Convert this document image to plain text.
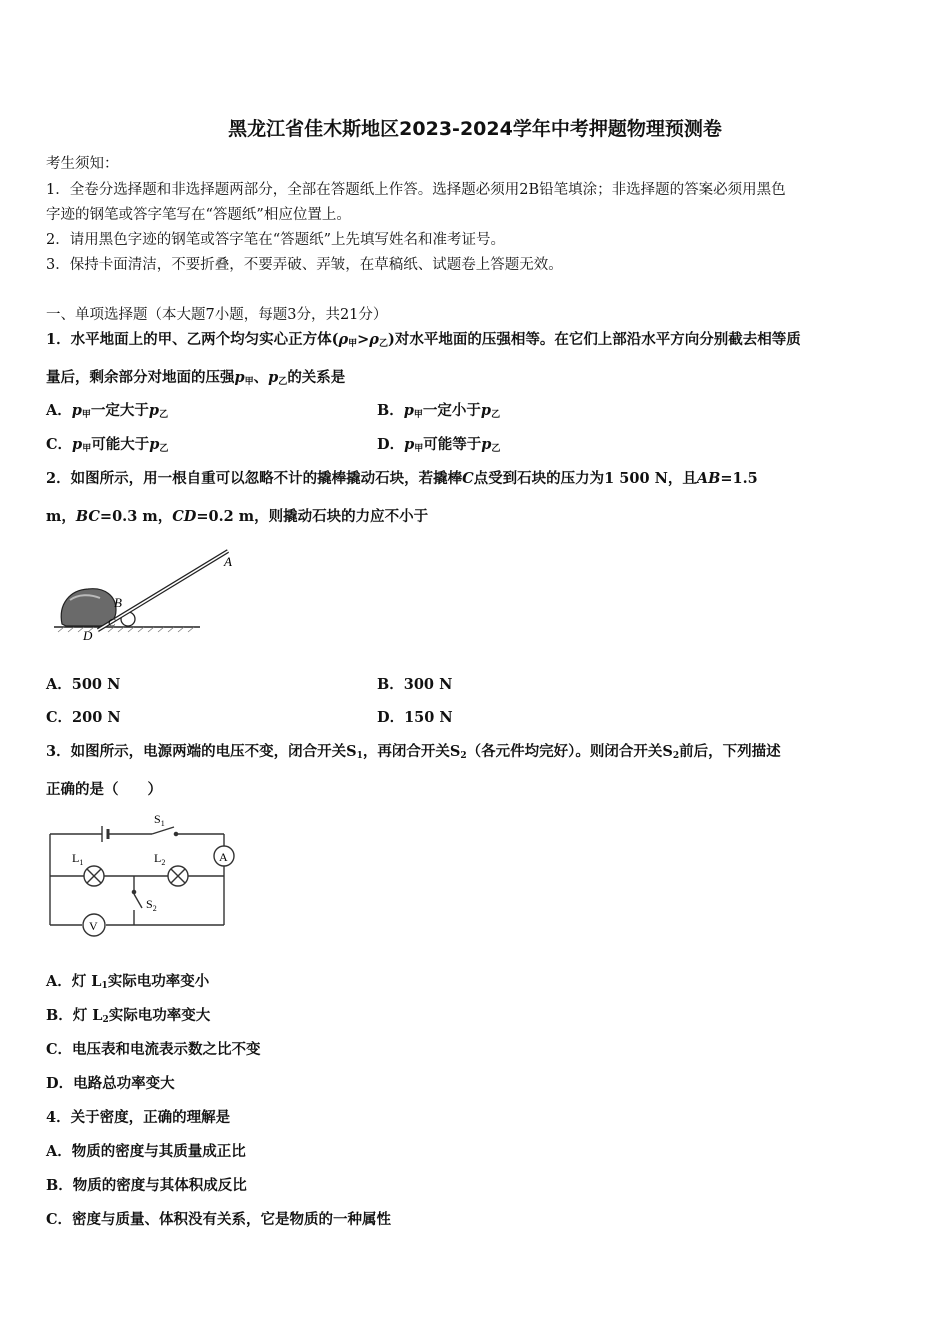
黑龙江省佳木斯地区2023-2024学年中考押题物理预测卷
考生须知：
1．全卷分选择题和非选择题两部分，全部在答题纸上作答。选择题必须用2B铅笔填涂；非选择题的答案必须用黑色
字迹的钢笔或答字笔写在“答题纸”相应位置上。
2．请用黑色字迹的钢笔或答字笔在“答题纸”上先填写姓名和准考证号。
3．保持卡面清洁，不要折叠，不要弄破、弄皱，在草稿纸、试题卷上答题无效。
一、单项选择题（本大题7小题，每题3分，共21分）
1．水平地面上的甲、乙两个均匀实心正方体(ρ甲>ρ乙)对水平地面的压强相等。在它们上部沿水平方向分别截去相等质
量后，剩余部分对地面的压强p甲、p乙的关系是
A．p甲一定大于p乙	B．p甲一定小于p乙
C．p甲可能大于p乙	D．p甲可能等于p乙
2．如图所示，用一根自重可以忽略不计的撬棒撬动石块，若撬棒C点受到石块的压力为1 500 N，且AB=1.5
m，BC=0.3 m，CD=0.2 m，则撬动石块的力应不小于
A
B
C
D
A．500 N	B．300 N
C．200 N	D．150 N
3．如图所示，电源两端的电压不变，闭合开关S1，再闭合开关S2（各元件均完好）。则闭合开关S2前后，下列描述
正确的是（　　）
$S_1$
$L_1$	$L_2$
$S_2$
A
V
A．灯 L1实际电功率变小
B．灯 L2实际电功率变大
C．电压表和电流表示数之比不变
D．电路总功率变大
4．关于密度，正确的理解是
A．物质的密度与其质量成正比
B．物质的密度与其体积成反比
C．密度与质量、体积没有关系，它是物质的一种属性
